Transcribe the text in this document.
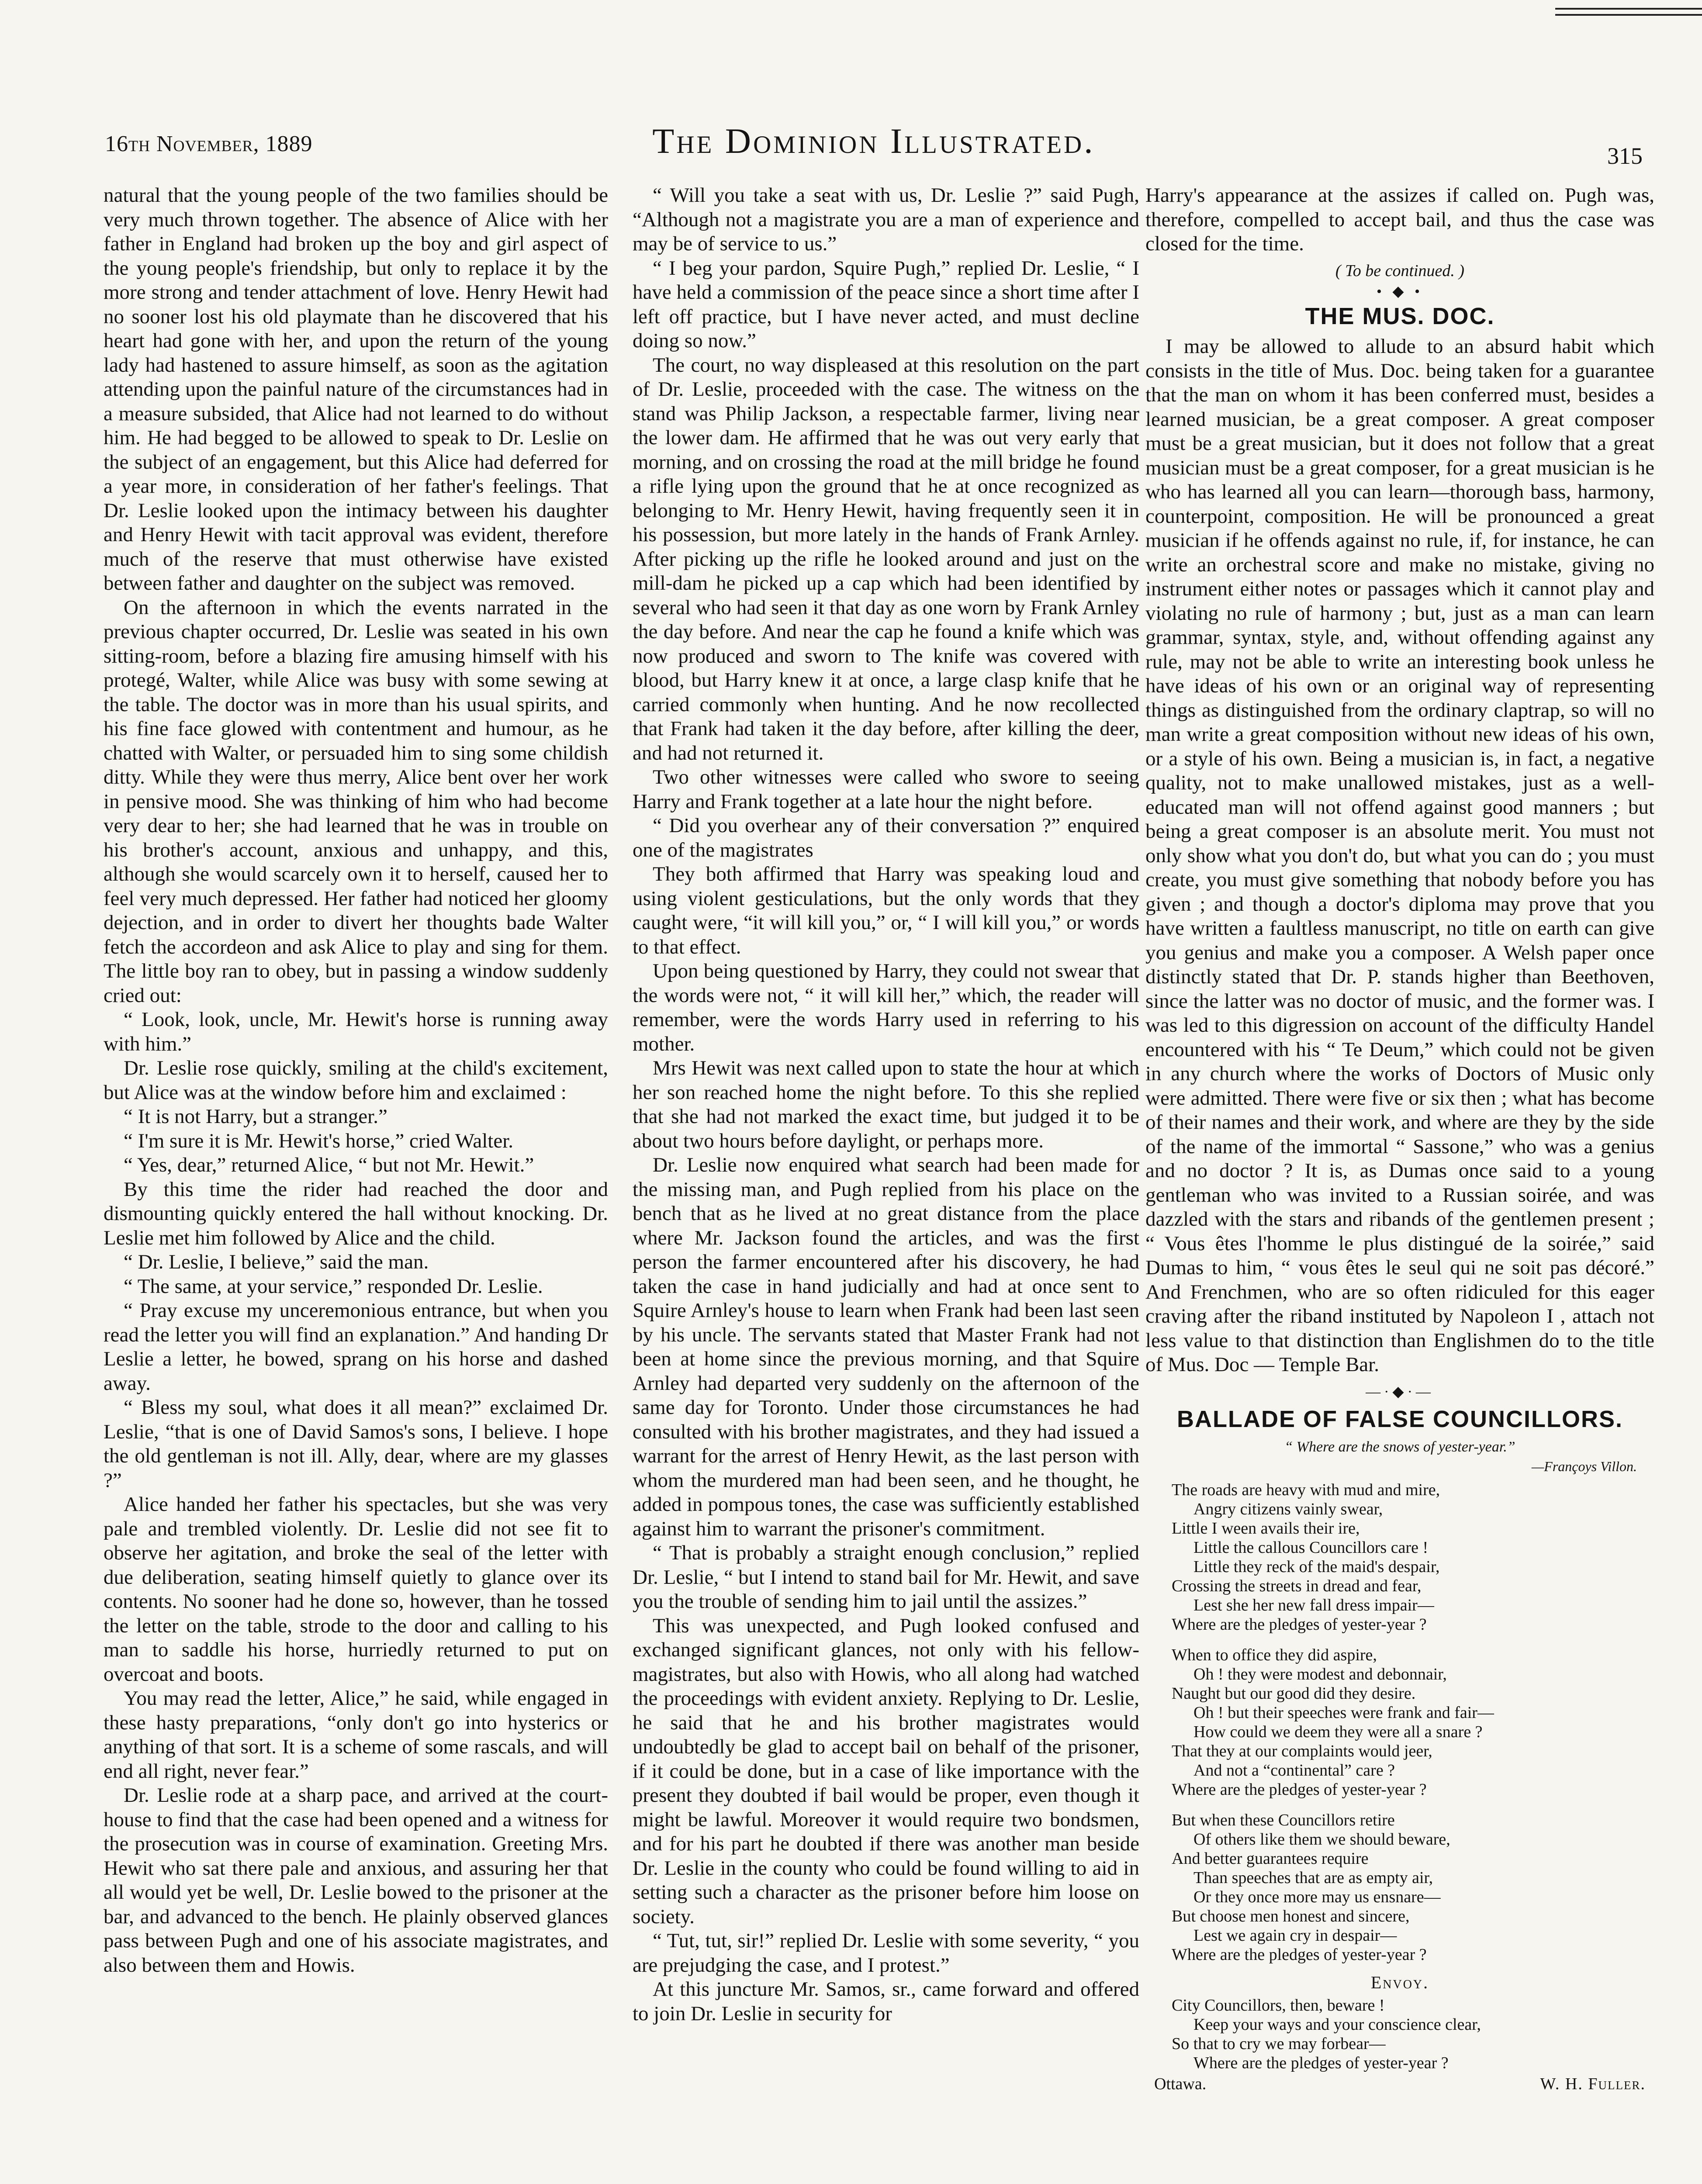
16th November, 1889	The Dominion Illustrated.	315

natural that the young people of the two families should be very much thrown together. The absence of Alice with her father in England had broken up the boy and girl aspect of the young people's friendship, but only to replace it by the more strong and tender attachment of love. Henry Hewit had no sooner lost his old playmate than he discovered that his heart had gone with her, and upon the return of the young lady had hastened to assure himself, as soon as the agitation attending upon the painful nature of the circumstances had in a measure subsided, that Alice had not learned to do without him. He had begged to be allowed to speak to Dr. Leslie on the subject of an engagement, but this Alice had deferred for a year more, in consideration of her father's feelings. That Dr. Leslie looked upon the intimacy between his daughter and Henry Hewit with tacit approval was evident, therefore much of the reserve that must otherwise have existed between father and daughter on the subject was removed.

On the afternoon in which the events narrated in the previous chapter occurred, Dr. Leslie was seated in his own sitting-room, before a blazing fire amusing himself with his protegé, Walter, while Alice was busy with some sewing at the table. The doctor was in more than his usual spirits, and his fine face glowed with contentment and humour, as he chatted with Walter, or persuaded him to sing some childish ditty. While they were thus merry, Alice bent over her work in pensive mood. She was thinking of him who had become very dear to her; she had learned that he was in trouble on his brother's account, anxious and unhappy, and this, although she would scarcely own it to herself, caused her to feel very much depressed. Her father had noticed her gloomy dejection, and in order to divert her thoughts bade Walter fetch the accordeon and ask Alice to play and sing for them. The little boy ran to obey, but in passing a window suddenly cried out:

“ Look, look, uncle, Mr. Hewit's horse is running away with him.”

Dr. Leslie rose quickly, smiling at the child's excitement, but Alice was at the window before him and exclaimed :

“ It is not Harry, but a stranger.”

“ I'm sure it is Mr. Hewit's horse,” cried Walter.

“ Yes, dear,” returned Alice, “ but not Mr. Hewit.”

By this time the rider had reached the door and dismounting quickly entered the hall without knocking. Dr. Leslie met him followed by Alice and the child.

“ Dr. Leslie, I believe,” said the man.

“ The same, at your service,” responded Dr. Leslie.

“ Pray excuse my unceremonious entrance, but when you read the letter you will find an explanation.” And handing Dr Leslie a letter, he bowed, sprang on his horse and dashed away.

“ Bless my soul, what does it all mean?” exclaimed Dr. Leslie, “that is one of David Samos's sons, I believe. I hope the old gentleman is not ill. Ally, dear, where are my glasses ?”

Alice handed her father his spectacles, but she was very pale and trembled violently. Dr. Leslie did not see fit to observe her agitation, and broke the seal of the letter with due deliberation, seating himself quietly to glance over its contents. No sooner had he done so, however, than he tossed the letter on the table, strode to the door and calling to his man to saddle his horse, hurriedly returned to put on overcoat and boots.

You may read the letter, Alice,” he said, while engaged in these hasty preparations, “only don't go into hysterics or anything of that sort. It is a scheme of some rascals, and will end all right, never fear.”

Dr. Leslie rode at a sharp pace, and arrived at the court-house to find that the case had been opened and a witness for the prosecution was in course of examination. Greeting Mrs. Hewit who sat there pale and anxious, and assuring her that all would yet be well, Dr. Leslie bowed to the prisoner at the bar, and advanced to the bench. He plainly observed glances pass between Pugh and one of his associate magistrates, and also between them and Howis.

“ Will you take a seat with us, Dr. Leslie ?” said Pugh, “Although not a magistrate you are a man of experience and may be of service to us.”

“ I beg your pardon, Squire Pugh,” replied Dr. Leslie, “ I have held a commission of the peace since a short time after I left off practice, but I have never acted, and must decline doing so now.”

The court, no way displeased at this resolution on the part of Dr. Leslie, proceeded with the case. The witness on the stand was Philip Jackson, a respectable farmer, living near the lower dam. He affirmed that he was out very early that morning, and on crossing the road at the mill bridge he found a rifle lying upon the ground that he at once recognized as belonging to Mr. Henry Hewit, having frequently seen it in his possession, but more lately in the hands of Frank Arnley. After picking up the rifle he looked around and just on the mill-dam he picked up a cap which had been identified by several who had seen it that day as one worn by Frank Arnley the day before. And near the cap he found a knife which was now produced and sworn to The knife was covered with blood, but Harry knew it at once, a large clasp knife that he carried commonly when hunting. And he now recollected that Frank had taken it the day before, after killing the deer, and had not returned it.

Two other witnesses were called who swore to seeing Harry and Frank together at a late hour the night before.

“ Did you overhear any of their conversation ?” enquired one of the magistrates

They both affirmed that Harry was speaking loud and using violent gesticulations, but the only words that they caught were, “it will kill you,” or, “ I will kill you,” or words to that effect.

Upon being questioned by Harry, they could not swear that the words were not, “ it will kill her,” which, the reader will remember, were the words Harry used in referring to his mother.

Mrs Hewit was next called upon to state the hour at which her son reached home the night before. To this she replied that she had not marked the exact time, but judged it to be about two hours before daylight, or perhaps more.

Dr. Leslie now enquired what search had been made for the missing man, and Pugh replied from his place on the bench that as he lived at no great distance from the place where Mr. Jackson found the articles, and was the first person the farmer encountered after his discovery, he had taken the case in hand judicially and had at once sent to Squire Arnley's house to learn when Frank had been last seen by his uncle. The servants stated that Master Frank had not been at home since the previous morning, and that Squire Arnley had departed very suddenly on the afternoon of the same day for Toronto. Under those circumstances he had consulted with his brother magistrates, and they had issued a warrant for the arrest of Henry Hewit, as the last person with whom the murdered man had been seen, and he thought, he added in pompous tones, the case was sufficiently established against him to warrant the prisoner's commitment.

“ That is probably a straight enough conclusion,” replied Dr. Leslie, “ but I intend to stand bail for Mr. Hewit, and save you the trouble of sending him to jail until the assizes.”

This was unexpected, and Pugh looked confused and exchanged significant glances, not only with his fellow-magistrates, but also with Howis, who all along had watched the proceedings with evident anxiety. Replying to Dr. Leslie, he said that he and his brother magistrates would undoubtedly be glad to accept bail on behalf of the prisoner, if it could be done, but in a case of like importance with the present they doubted if bail would be proper, even though it might be lawful. Moreover it would require two bondsmen, and for his part he doubted if there was another man beside Dr. Leslie in the county who could be found willing to aid in setting such a character as the prisoner before him loose on society.

“ Tut, tut, sir!” replied Dr. Leslie with some severity, “ you are prejudging the case, and I protest.”

At this juncture Mr. Samos, sr., came forward and offered to join Dr. Leslie in security for

Harry's appearance at the assizes if called on. Pugh was, therefore, compelled to accept bail, and thus the case was closed for the time.

( To be continued. )
• ◆ •
THE MUS. DOC.

I may be allowed to allude to an absurd habit which consists in the title of Mus. Doc. being taken for a guarantee that the man on whom it has been conferred must, besides a learned musician, be a great composer. A great composer must be a great musician, but it does not follow that a great musician must be a great composer, for a great musician is he who has learned all you can learn—thorough bass, harmony, counterpoint, composition. He will be pronounced a great musician if he offends against no rule, if, for instance, he can write an orchestral score and make no mistake, giving no instrument either notes or passages which it cannot play and violating no rule of harmony ; but, just as a man can learn grammar, syntax, style, and, without offending against any rule, may not be able to write an interesting book unless he have ideas of his own or an original way of representing things as distinguished from the ordinary claptrap, so will no man write a great composition without new ideas of his own, or a style of his own. Being a musician is, in fact, a negative quality, not to make unallowed mistakes, just as a well-educated man will not offend against good manners ; but being a great composer is an absolute merit. You must not only show what you don't do, but what you can do ; you must create, you must give something that nobody before you has given ; and though a doctor's diploma may prove that you have written a faultless manuscript, no title on earth can give you genius and make you a composer. A Welsh paper once distinctly stated that Dr. P. stands higher than Beethoven, since the latter was no doctor of music, and the former was. I was led to this digression on account of the difficulty Handel encountered with his “ Te Deum,” which could not be given in any church where the works of Doctors of Music only were admitted. There were five or six then ; what has become of their names and their work, and where are they by the side of the name of the immortal “ Sassone,” who was a genius and no doctor ? It is, as Dumas once said to a young gentleman who was invited to a Russian soirée, and was dazzled with the stars and ribands of the gentlemen present ; “ Vous êtes l'homme le plus distingué de la soirée,” said Dumas to him, “ vous êtes le seul qui ne soit pas décoré.” And Frenchmen, who are so often ridiculed for this eager craving after the riband instituted by Napoleon I , attach not less value to that distinction than Englishmen do to the title of Mus. Doc — Temple Bar.

—·◆·—
BALLADE OF FALSE COUNCILLORS.
“ Where are the snows of yester-year.”
—Françoys Villon.
The roads are heavy with mud and mire,
Angry citizens vainly swear,
Little I ween avails their ire,
Little the callous Councillors care !
Little they reck of the maid's despair,
Crossing the streets in dread and fear,
Lest she her new fall dress impair—
Where are the pledges of yester-year ?
When to office they did aspire,
Oh ! they were modest and debonnair,
Naught but our good did they desire.
Oh ! but their speeches were frank and fair—
How could we deem they were all a snare ?
That they at our complaints would jeer,
And not a “continental” care ?
Where are the pledges of yester-year ?
But when these Councillors retire
Of others like them we should beware,
And better guarantees require
Than speeches that are as empty air,
Or they once more may us ensnare—
But choose men honest and sincere,
Lest we again cry in despair—
Where are the pledges of yester-year ?
Envoy.
City Councillors, then, beware !
Keep your ways and your conscience clear,
So that to cry we may forbear—
Where are the pledges of yester-year ?
Ottawa.	W. H. Fuller.
